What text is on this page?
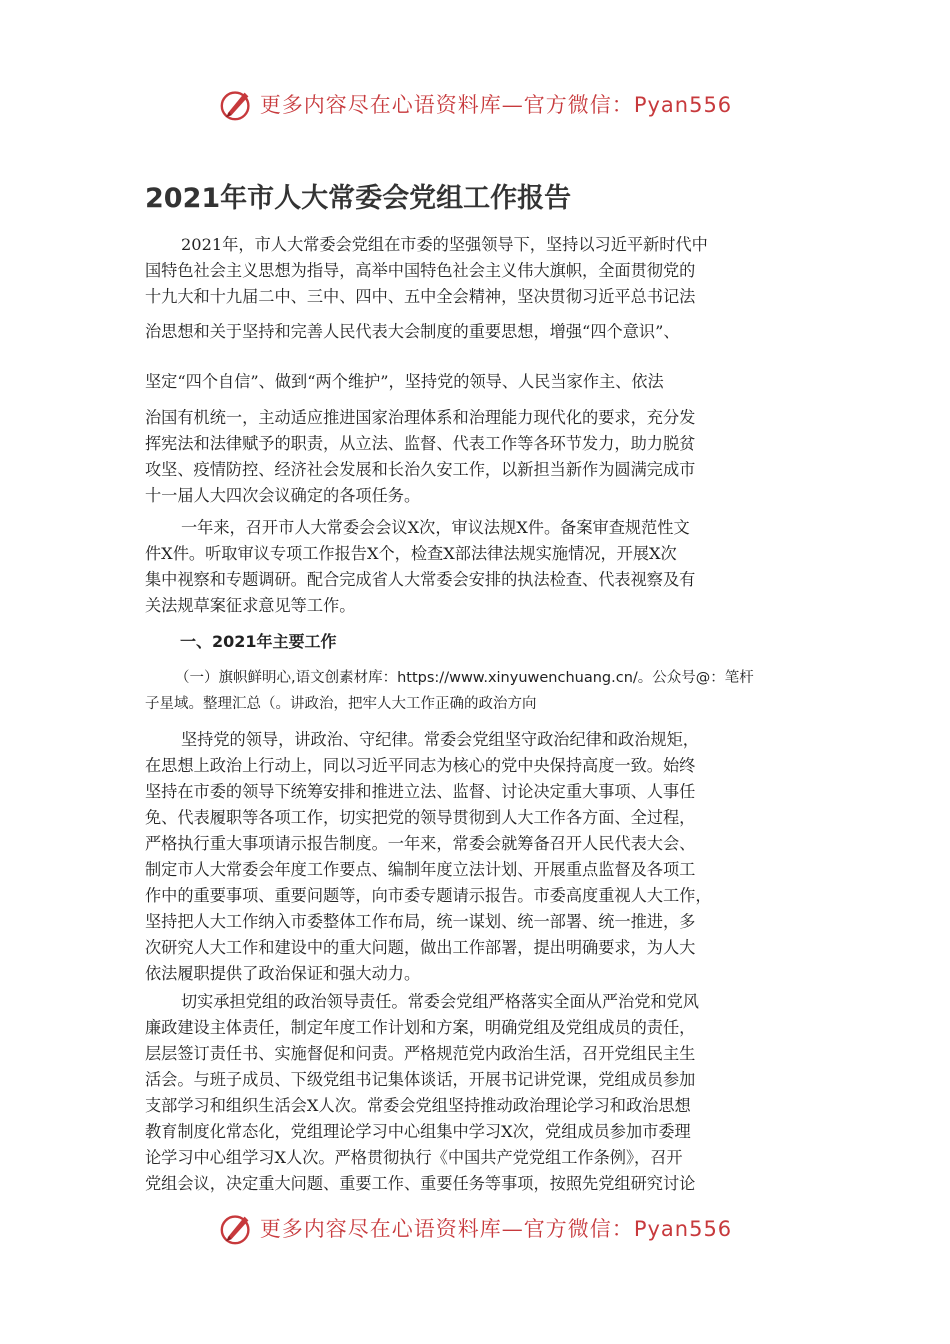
更多内容尽在心语资料库—官方微信：Pyan556
2021年市人大常委会党组工作报告
2021年，市人大常委会党组在市委的坚强领导下，坚持以习近平新时代中
国特色社会主义思想为指导，高举中国特色社会主义伟大旗帜，全面贯彻党的
十九大和十九届二中、三中、四中、五中全会精神，坚决贯彻习近平总书记法
治思想和关于坚持和完善人民代表大会制度的重要思想，增强“四个意识”、
坚定“四个自信”、做到“两个维护”，坚持党的领导、人民当家作主、依法
治国有机统一，主动适应推进国家治理体系和治理能力现代化的要求，充分发
挥宪法和法律赋予的职责，从立法、监督、代表工作等各环节发力，助力脱贫
攻坚、疫情防控、经济社会发展和长治久安工作，以新担当新作为圆满完成市
十一届人大四次会议确定的各项任务。
一年来，召开市人大常委会会议X次，审议法规X件。备案审查规范性文
件X件。听取审议专项工作报告X个，检查X部法律法规实施情况，开展X次
集中视察和专题调研。配合完成省人大常委会安排的执法检查、代表视察及有
关法规草案征求意见等工作。
一、2021年主要工作
（一）旗帜鲜明心,语文创素材库：https://www.xinyuwenchuang.cn/。公众号@：笔杆
子星域。整理汇总（。讲政治，把牢人大工作正确的政治方向
坚持党的领导，讲政治、守纪律。常委会党组坚守政治纪律和政治规矩，
在思想上政治上行动上，同以习近平同志为核心的党中央保持高度一致。始终
坚持在市委的领导下统筹安排和推进立法、监督、讨论决定重大事项、人事任
免、代表履职等各项工作，切实把党的领导贯彻到人大工作各方面、全过程，
严格执行重大事项请示报告制度。一年来，常委会就筹备召开人民代表大会、
制定市人大常委会年度工作要点、编制年度立法计划、开展重点监督及各项工
作中的重要事项、重要问题等，向市委专题请示报告。市委高度重视人大工作，
坚持把人大工作纳入市委整体工作布局，统一谋划、统一部署、统一推进，多
次研究人大工作和建设中的重大问题，做出工作部署，提出明确要求，为人大
依法履职提供了政治保证和强大动力。
切实承担党组的政治领导责任。常委会党组严格落实全面从严治党和党风
廉政建设主体责任，制定年度工作计划和方案，明确党组及党组成员的责任，
层层签订责任书、实施督促和问责。严格规范党内政治生活，召开党组民主生
活会。与班子成员、下级党组书记集体谈话，开展书记讲党课，党组成员参加
支部学习和组织生活会X人次。常委会党组坚持推动政治理论学习和政治思想
教育制度化常态化，党组理论学习中心组集中学习X次，党组成员参加市委理
论学习中心组学习X人次。严格贯彻执行《中国共产党党组工作条例》，召开
党组会议，决定重大问题、重要工作、重要任务等事项，按照先党组研究讨论
更多内容尽在心语资料库—官方微信：Pyan556
